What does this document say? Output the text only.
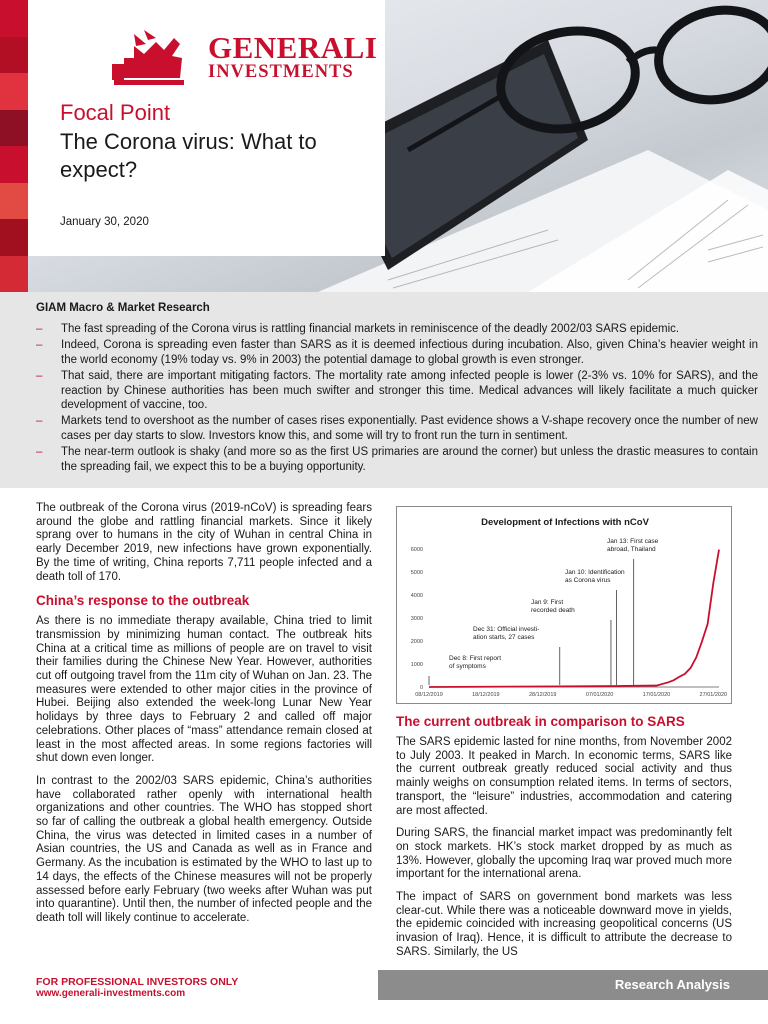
GENERALI
INVESTMENTS
Focal Point
The Corona virus: What to expect?
January 30, 2020
GIAM Macro & Market Research
– The fast spreading of the Corona virus is rattling financial markets in reminiscence of the deadly 2002/03 SARS epidemic.
– Indeed, Corona is spreading even faster than SARS as it is deemed infectious during incubation. Also, given China’s heavier weight in the world economy (19% today vs. 9% in 2003) the potential damage to global growth is even stronger.
– That said, there are important mitigating factors. The mortality rate among infected people is lower (2-3% vs. 10% for SARS), and the reaction by Chinese authorities has been much swifter and stronger this time. Medical advances will likely facilitate a much quicker development of vaccine, too.
– Markets tend to overshoot as the number of cases rises exponentially. Past evidence shows a V-shape recovery once the number of new cases per day starts to slow. Investors know this, and some will try to front run the turn in sentiment.
– The near-term outlook is shaky (and more so as the first US primaries are around the corner) but unless the drastic measures to contain the spreading fail, we expect this to be a buying opportunity.

The outbreak of the Corona virus (2019-nCoV) is spreading fears around the globe and rattling financial markets. Since it likely sprang over to humans in the city of Wuhan in central China in early December 2019, new infections have grown exponentially. By the time of writing, China reports 7,711 people infected and a death toll of 170.

China’s response to the outbreak

As there is no immediate therapy available, China tried to limit transmission by minimizing human contact. The outbreak hits China at a critical time as millions of people are on travel to visit their families during the Chinese New Year. However, authorities cut off outgoing travel from the 11m city of Wuhan on Jan. 23. The measures were extended to other major cities in the province of Hubei. Beijing also extended the week-long Lunar New Year holidays by three days to February 2 and called off major celebrations. Other places of “mass” attendance remain closed at least in the most affected areas. In some regions factories will shut down even longer.

In contrast to the 2002/03 SARS epidemic, China’s authorities have collaborated rather openly with international health organizations and other countries. The WHO has stopped short so far of calling the outbreak a global health emergency. Outside China, the virus was detected in limited cases in a number of Asian countries, the US and Canada as well as in France and Germany. As the incubation is estimated by the WHO to last up to 14 days, the effects of the Chinese measures will not be properly assessed before early February (two weeks after Wuhan was put into quarantine). Until then, the number of infected people and the death toll will likely continue to accelerate.

Development of Infections with nCoV
0
1000
2000
3000
4000
5000
6000
08/12/2019	18/12/2019	28/12/2019	07/01/2020	17/01/2020	27/01/2020
Dec 8: First report of symptoms
Dec 31: Official investi-ation starts, 27 cases
Jan 9: First recorded death
Jan 10: Identification as Corona virus
Jan 13: First case abroad, Thailand
The current outbreak in comparison to SARS

The SARS epidemic lasted for nine months, from November 2002 to July 2003. It peaked in March. In economic terms, SARS like the current outbreak greatly reduced social activity and thus mainly weighs on consumption related items. In terms of sectors, transport, the “leisure” industries, accommodation and catering are most affected.

During SARS, the financial market impact was predominantly felt on stock markets. HK’s stock market dropped by as much as 13%. However, globally the upcoming Iraq war proved much more important for the international arena.

The impact of SARS on government bond markets was less clear-cut. While there was a noticeable downward move in yields, the epidemic coincided with increasing geopolitical concerns (US invasion of Iraq). Hence, it is difficult to attribute the decrease to SARS. Similarly, the US

FOR PROFESSIONAL INVESTORS ONLY
www.generali-investments.com
Research Analysis
